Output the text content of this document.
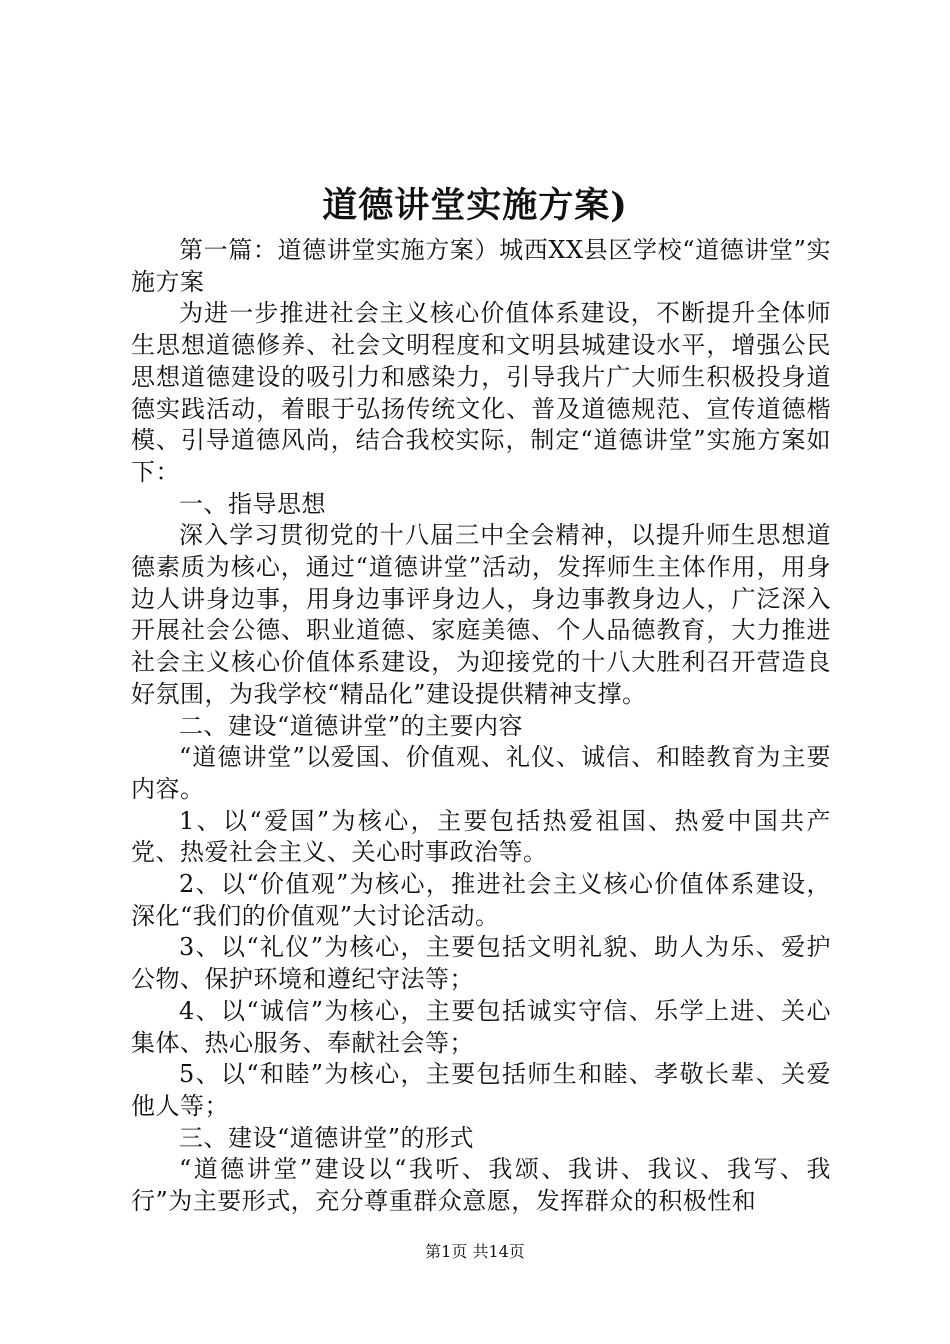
道德讲堂实施方案)

第一篇：道德讲堂实施方案）城西XX县区学校“道德讲堂”实施方案

为进一步推进社会主义核心价值体系建设，不断提升全体师生思想道德修养、社会文明程度和文明县城建设水平，增强公民思想道德建设的吸引力和感染力，引导我片广大师生积极投身道德实践活动，着眼于弘扬传统文化、普及道德规范、宣传道德楷模、引导道德风尚，结合我校实际，制定“道德讲堂”实施方案如下：

一、指导思想

深入学习贯彻党的十八届三中全会精神，以提升师生思想道德素质为核心，通过“道德讲堂”活动，发挥师生主体作用，用身边人讲身边事，用身边事评身边人，身边事教身边人，广泛深入开展社会公德、职业道德、家庭美德、个人品德教育，大力推进社会主义核心价值体系建设，为迎接党的十八大胜利召开营造良好氛围，为我学校“精品化”建设提供精神支撑。

二、建设“道德讲堂”的主要内容

“道德讲堂”以爱国、价值观、礼仪、诚信、和睦教育为主要内容。

1、以“爱国”为核心，主要包括热爱祖国、热爱中国共产党、热爱社会主义、关心时事政治等。

2、以“价值观”为核心，推进社会主义核心价值体系建设，深化“我们的价值观”大讨论活动。

3、以“礼仪”为核心，主要包括文明礼貌、助人为乐、爱护公物、保护环境和遵纪守法等；

4、以“诚信”为核心，主要包括诚实守信、乐学上进、关心集体、热心服务、奉献社会等；

5、以“和睦”为核心，主要包括师生和睦、孝敬长辈、关爱他人等；

三、建设“道德讲堂”的形式

“道德讲堂”建设以“我听、我颂、我讲、我议、我写、我行”为主要形式，充分尊重群众意愿，发挥群众的积极性和

第1页 共14页
